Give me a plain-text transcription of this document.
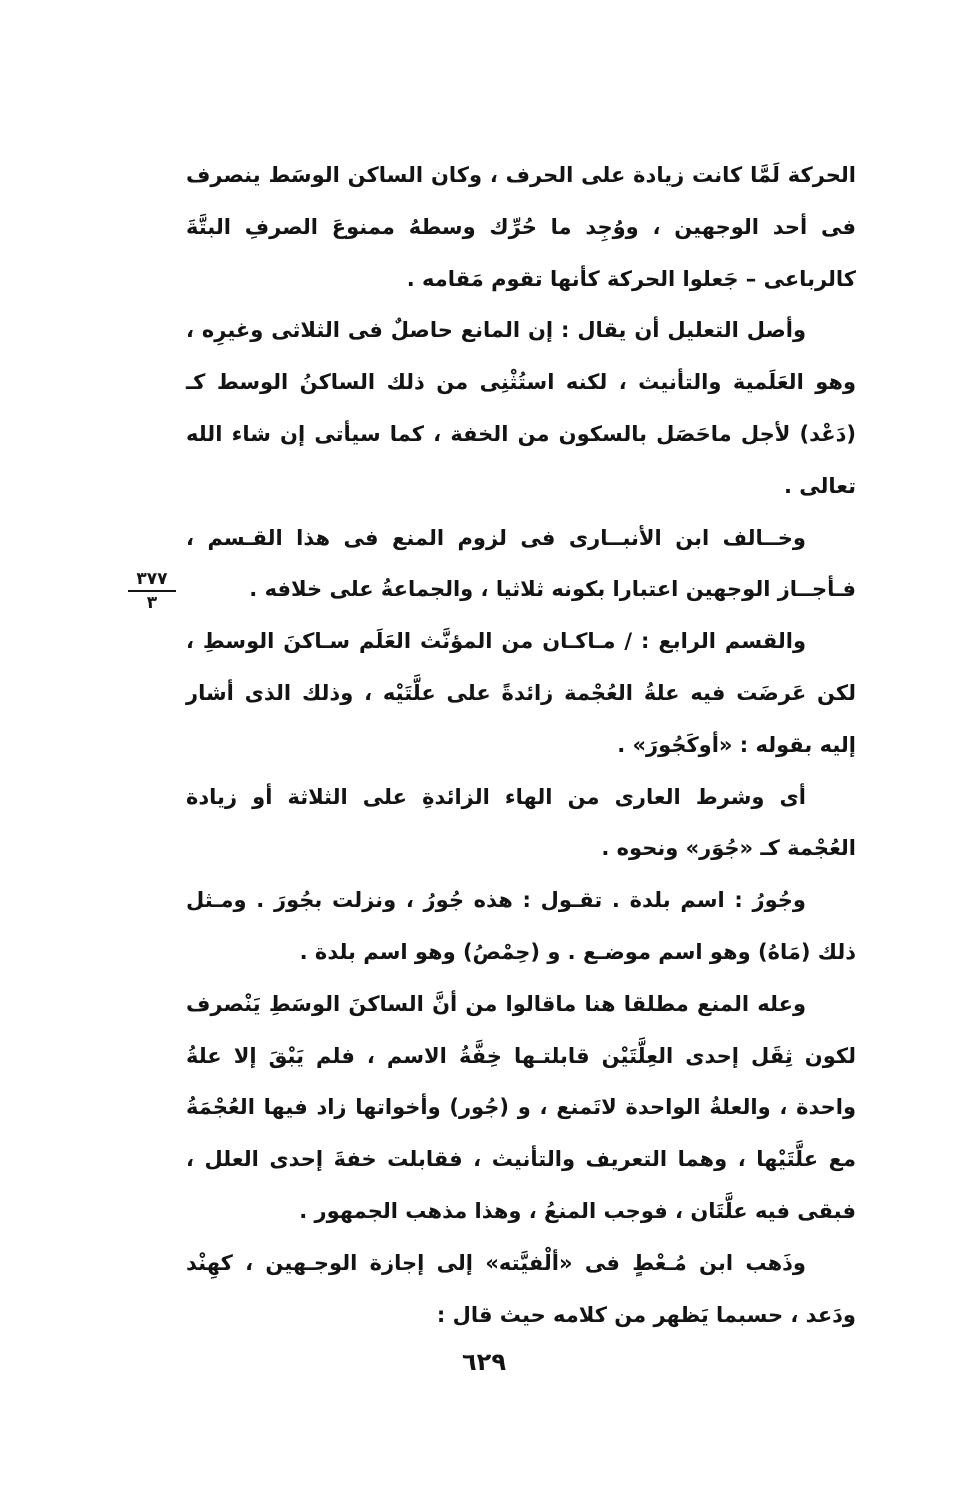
الحركة لَمَّا كانت زيادة على الحرف ، وكان الساكن الوسَط ينصرف فى أحد الوجهين ، ووُجِد ما حُرِّك وسطهُ ممنوعَ الصرفِ البتَّةَ كالرباعى – جَعلوا الحركة كأنها تقوم مَقامه .

وأصل التعليل أن يقال : إن المانع حاصلٌ فى الثلاثى وغيرِه ، وهو العَلَمية والتأنيث ، لكنه استُثْنِى من ذلك الساكنُ الوسط كـ (دَعْد) لأجل ماحَصَل بالسكون من الخفة ، كما سيأتى إن شاء الله تعالى .

وخــالف ابن الأنبــارى فى لزوم المنع فى هذا القـسم ، فـأجــاز الوجهين اعتبارا بكونه ثلاثيا ، والجماعةُ على خلافه .

والقسم الرابع : / مـاكـان من المؤنَّث العَلَم سـاكنَ الوسطِ ، لكن عَرضَت فيه علةُ العُجْمة زائدةً على علَّتَيْه ، وذلك الذى أشار إليه بقوله : «أوكَجُورَ» .

أى وشرط العارى من الهاء الزائدةِ على الثلاثة أو زيادة العُجْمة كـ «جُوَر» ونحوه .

وجُورُ : اسم بلدة . تقـول : هذه جُورُ ، ونزلت بجُورَ . ومـثل ذلك (مَاهُ) وهو اسم موضـع . و (حِمْصُ) وهو اسم بلدة .

وعله المنع مطلقا هنا ماقالوا من أنَّ الساكنَ الوسَطِ يَنْصرف لكون ثِقَل إحدى العِلَّتَيْن قابلتـها خِفَّةُ الاسم ، فلم يَبْقَ إلا علةُ واحدة ، والعلةُ الواحدة لاتَمنع ، و (جُور) وأخواتها زاد فيها العُجْمَةُ مع علَّتَيْها ، وهما التعريف والتأنيث ، فقابلت خفةَ إحدى العلل ، فبقى فيه علَّتَان ، فوجب المنعُ ، وهذا مذهب الجمهور .

وذَهب ابن مُـعْطٍ فى «ألْفيَّته» إلى إجازة الوجـهين ، كهِنْد ودَعد ، حسبما يَظهر من كلامه حيث قال :

٣٧٧
٣
٦٢٩
